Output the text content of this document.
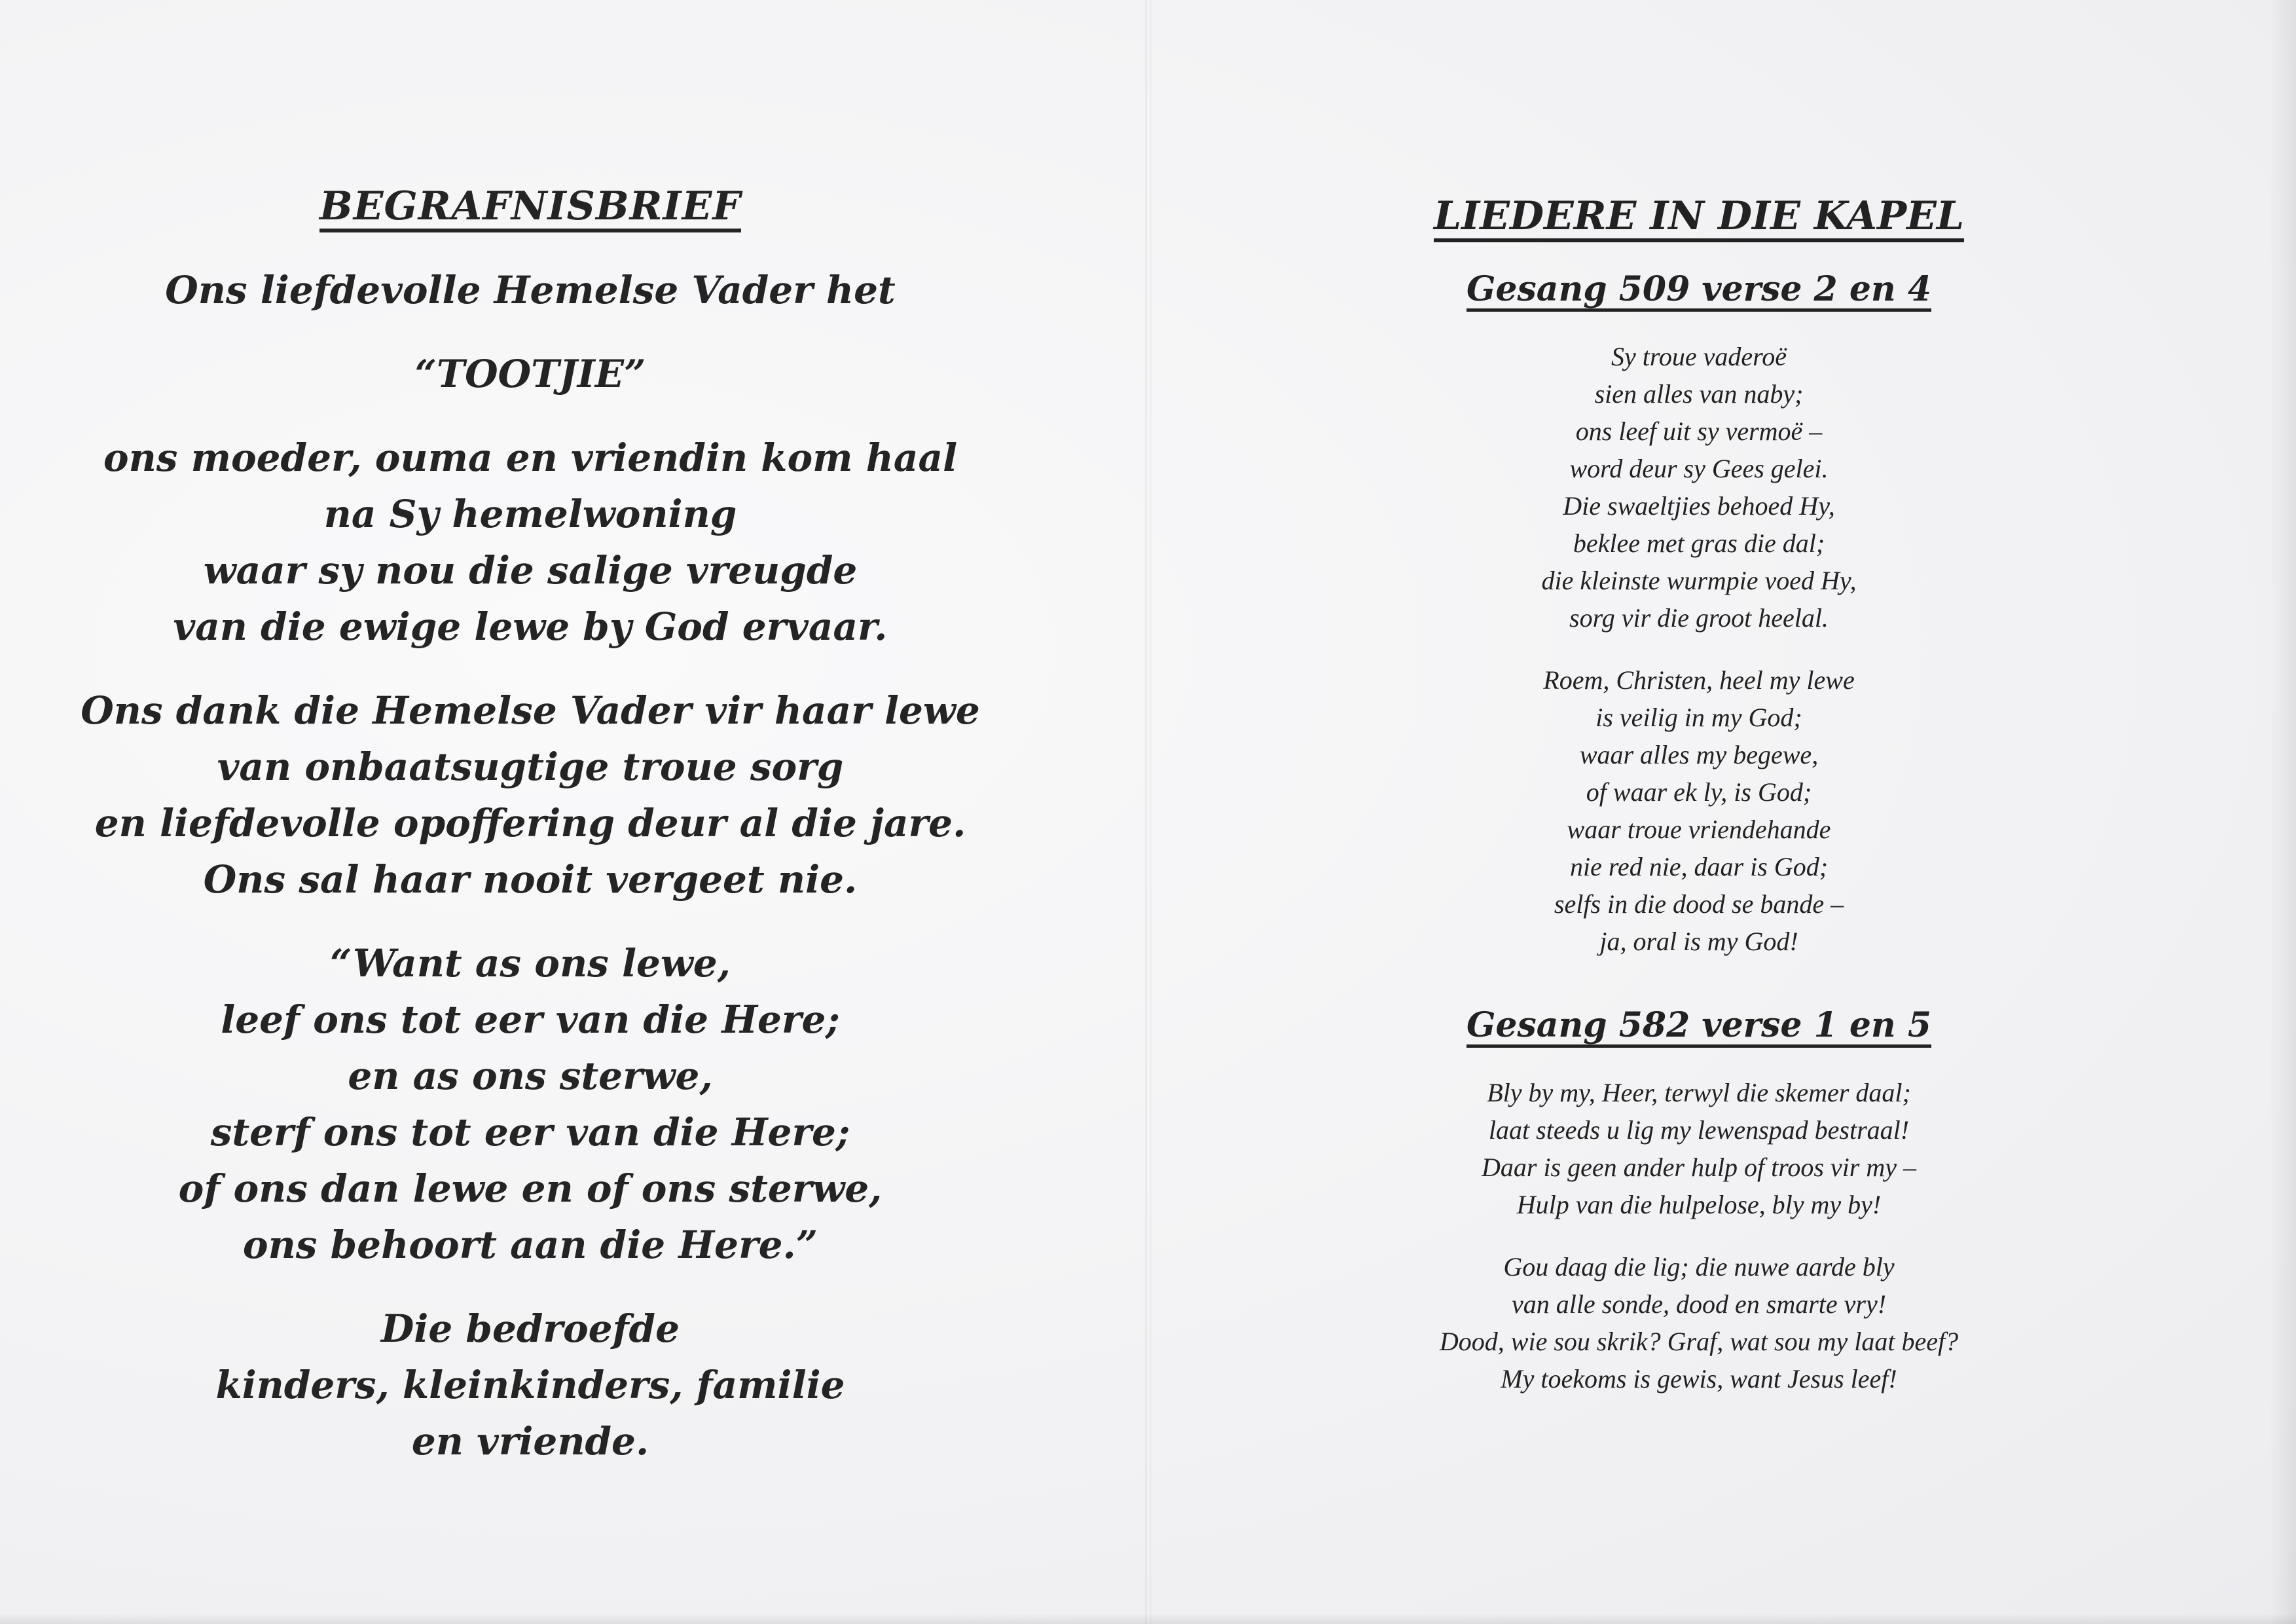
BEGRAFNISBRIEF
Ons liefdevolle Hemelse Vader het
“TOOTJIE”
ons moeder, ouma en vriendin kom haal
na Sy hemelwoning
waar sy nou die salige vreugde
van die ewige lewe by God ervaar.
Ons dank die Hemelse Vader vir haar lewe
van onbaatsugtige troue sorg
en liefdevolle opoffering deur al die jare.
Ons sal haar nooit vergeet nie.
“Want as ons lewe,
leef ons tot eer van die Here;
en as ons sterwe,
sterf ons tot eer van die Here;
of ons dan lewe en of ons sterwe,
ons behoort aan die Here.”
Die bedroefde
kinders, kleinkinders, familie
en vriende.
LIEDERE IN DIE KAPEL
Gesang 509 verse 2 en 4
Sy troue vaderoë
sien alles van naby;
ons leef uit sy vermoë –
word deur sy Gees gelei.
Die swaeltjies behoed Hy,
beklee met gras die dal;
die kleinste wurmpie voed Hy,
sorg vir die groot heelal.
Roem, Christen, heel my lewe
is veilig in my God;
waar alles my begewe,
of waar ek ly, is God;
waar troue vriendehande
nie red nie, daar is God;
selfs in die dood se bande –
ja, oral is my God!
Gesang 582 verse 1 en 5
Bly by my, Heer, terwyl die skemer daal;
laat steeds u lig my lewenspad bestraal!
Daar is geen ander hulp of troos vir my –
Hulp van die hulpelose, bly my by!
Gou daag die lig; die nuwe aarde bly
van alle sonde, dood en smarte vry!
Dood, wie sou skrik? Graf, wat sou my laat beef?
My toekoms is gewis, want Jesus leef!
